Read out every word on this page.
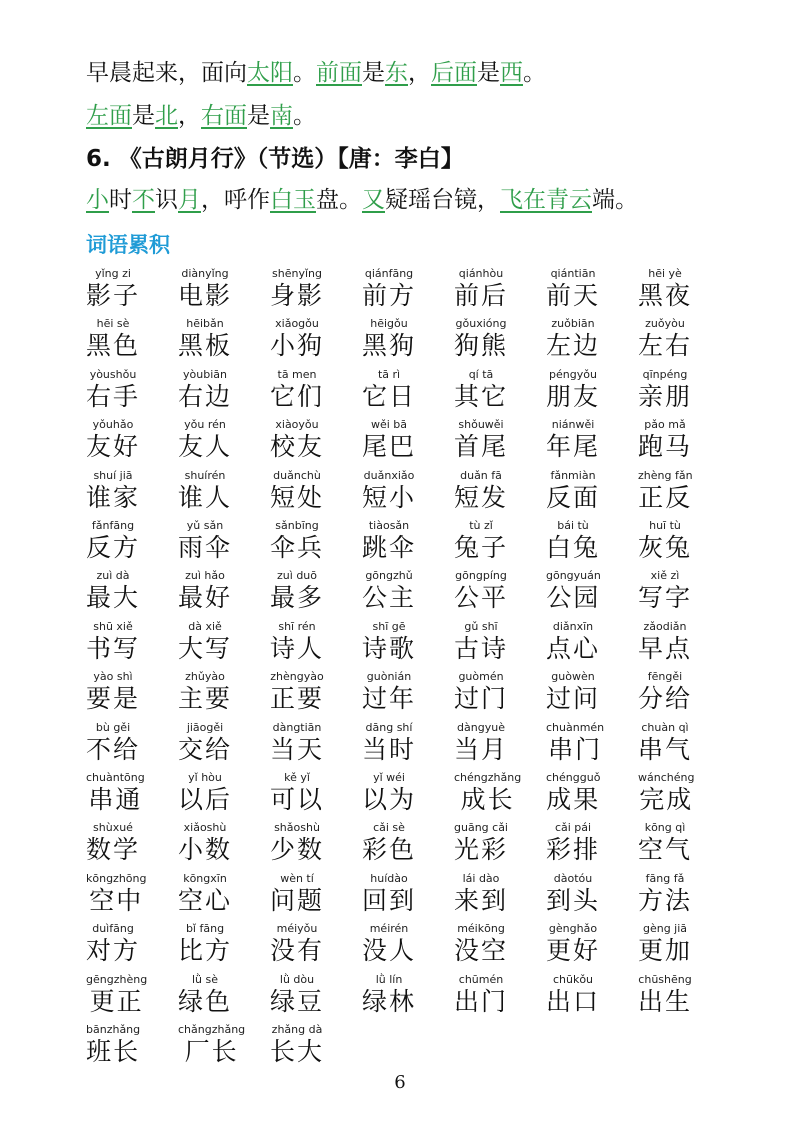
早晨起来，面向太阳。前面是东，后面是西。
左面是北，右面是南。
6. 《古朗月行》（节选）【唐：李白】
小时不识月，呼作白玉盘。又疑瑶台镜，飞在青云端。
词语累积
yǐng zi
影子
diànyǐng
电影
shēnyǐng
身影
qiánfāng
前方
qiánhòu
前后
qiántiān
前天
hēi yè
黑夜
hēi sè
黑色
hēibǎn
黑板
xiǎogǒu
小狗
hēigǒu
黑狗
gǒuxióng
狗熊
zuǒbiān
左边
zuǒyòu
左右
yòushǒu
右手
yòubiān
右边
tā men
它们
tā rì
它日
qí tā
其它
péngyǒu
朋友
qīnpéng
亲朋
yǒuhǎo
友好
yǒu rén
友人
xiàoyǒu
校友
wěi bā
尾巴
shǒuwěi
首尾
niánwěi
年尾
pǎo mǎ
跑马
shuí jiā
谁家
shuírén
谁人
duǎnchù
短处
duǎnxiǎo
短小
duǎn fā
短发
fǎnmiàn
反面
zhèng fǎn
正反
fǎnfāng
反方
yǔ sǎn
雨伞
sǎnbīng
伞兵
tiàosǎn
跳伞
tù zǐ
兔子
bái tù
白兔
huī tù
灰兔
zuì dà
最大
zuì hǎo
最好
zuì duō
最多
gōngzhǔ
公主
gōngpíng
公平
gōngyuán
公园
xiě zì
写字
shū xiě
书写
dà xiě
大写
shī rén
诗人
shī gē
诗歌
gǔ shī
古诗
diǎnxīn
点心
zǎodiǎn
早点
yào shì
要是
zhǔyào
主要
zhèngyào
正要
guònián
过年
guòmén
过门
guòwèn
过问
fēngěi
分给
bù gěi
不给
jiāogěi
交给
dàngtiān
当天
dāng shí
当时
dàngyuè
当月
chuànmén
串门
chuàn qì
串气
chuàntōng
串通
yǐ hòu
以后
kě yǐ
可以
yǐ wéi
以为
chéngzhǎng
成长
chéngguǒ
成果
wánchéng
完成
shùxué
数学
xiǎoshù
小数
shǎoshù
少数
cǎi sè
彩色
guāng cǎi
光彩
cǎi pái
彩排
kōng qì
空气
kōngzhōng
空中
kōngxīn
空心
wèn tí
问题
huídào
回到
lái dào
来到
dàotóu
到头
fāng fǎ
方法
duìfāng
对方
bǐ fāng
比方
méiyǒu
没有
méirén
没人
méikōng
没空
gènghǎo
更好
gèng jiā
更加
gēngzhèng
更正
lǜ sè
绿色
lǜ dòu
绿豆
lǜ lín
绿林
chūmén
出门
chūkǒu
出口
chūshēng
出生
bānzhǎng
班长
chǎngzhǎng
厂长
zhǎng dà
长大
6
